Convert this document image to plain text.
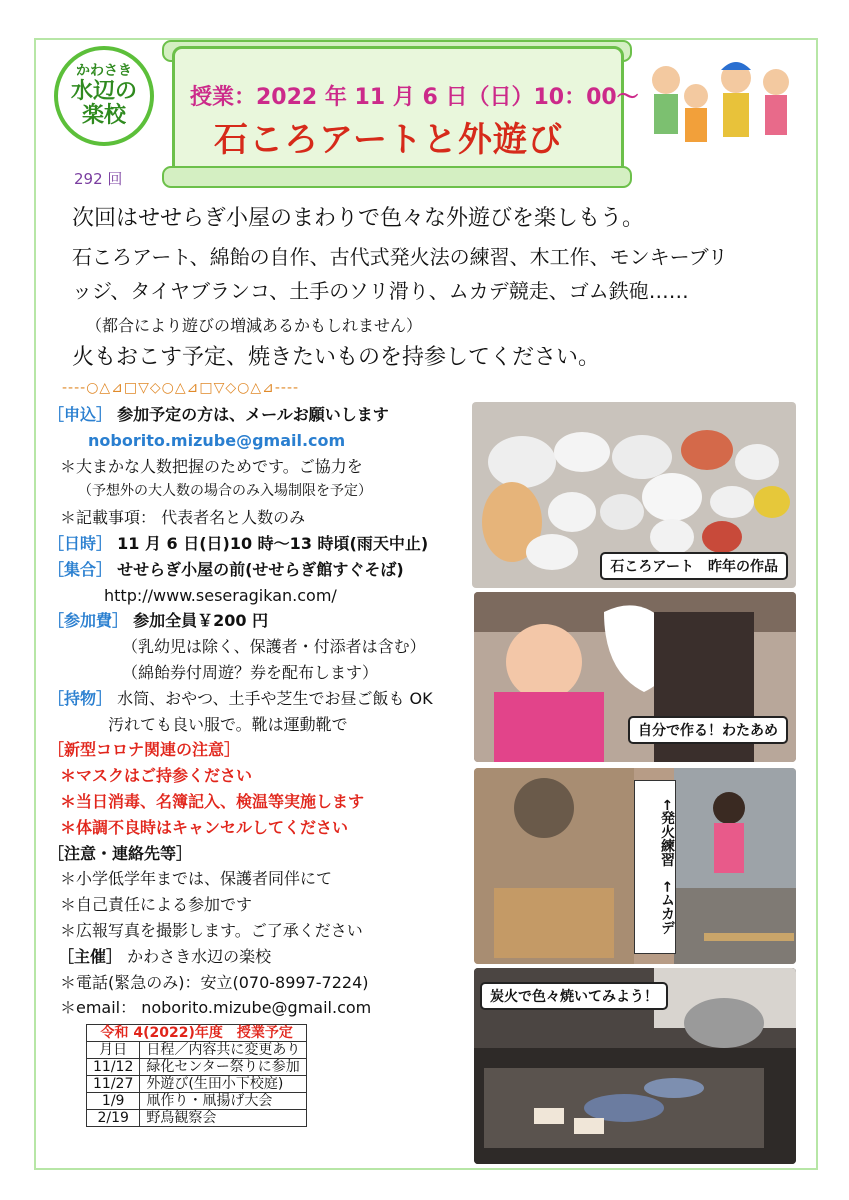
かわさき
水辺の
楽校
292 回
授業：2022 年 11 月 6 日（日）10：00～
石ころアートと外遊び
次回はせせらぎ小屋のまわりで色々な外遊びを楽しもう。
石ころアート、綿飴の自作、古代式発火法の練習、木工作、モンキーブリ
ッジ、タイヤブランコ、土手のソリ滑り、ムカデ競走、ゴム鉄砲……
（都合により遊びの増減あるかもしれません）
火もおこす予定、焼きたいものを持参してください。
----○△⊿□▽◇○△⊿□▽◇○△⊿----
［申込］ 参加予定の方は、メールお願いします
noborito.mizube@gmail.com
＊大まかな人数把握のためです。ご協力を
（予想外の大人数の場合のみ入場制限を予定）
＊記載事項： 代表者名と人数のみ
［日時］ 11 月 6 日(日)10 時～13 時頃(雨天中止)
［集合］ せせらぎ小屋の前(せせらぎ館すぐそば)
http://www.seseragikan.com/
［参加費］ 参加全員￥200 円
（乳幼児は除く、保護者・付添者は含む）
（綿飴券付周遊？券を配布します）
［持物］ 水筒、おやつ、土手や芝生でお昼ご飯も OK
汚れても良い服で。靴は運動靴で
［新型コロナ関連の注意］
＊マスクはご持参ください
＊当日消毒、名簿記入、検温等実施します
＊体調不良時はキャンセルしてください
［注意・連絡先等］
＊小学低学年までは、保護者同伴にて
＊自己責任による参加です
＊広報写真を撮影します。ご了承ください
［主催］ かわさき水辺の楽校
＊電話(緊急のみ)：安立(070-8997-7224)
＊email： noborito.mizube@gmail.com
令和 4(2022)年度　授業予定	
月日	日程／内容共に変更あり
11/12	緑化センター祭りに参加
11/27	外遊び(生田小下校庭)
1/9	凧作り・凧揚げ大会
2/19	野鳥観察会
石ころアート　昨年の作品
自分で作る！わたあめ
←発火練習　←ムカデ
炭火で色々焼いてみよう！
